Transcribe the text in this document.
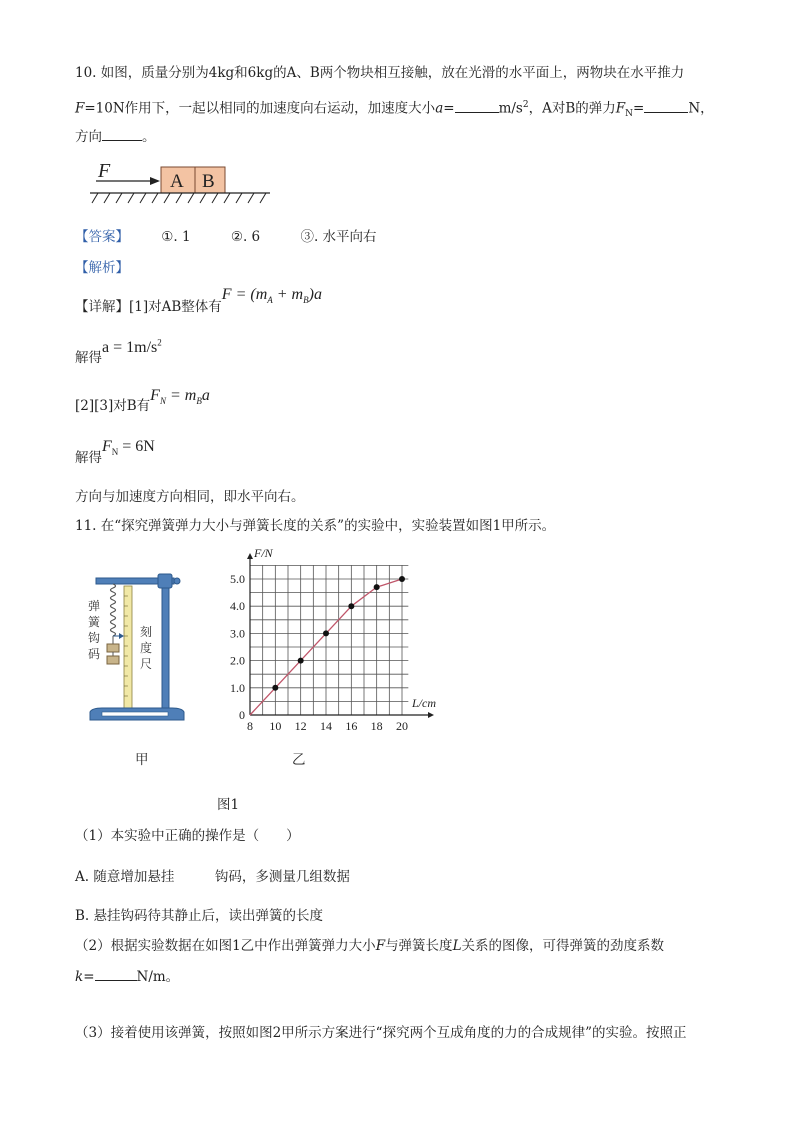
10. 如图，质量分别为4kg和6kg的A、B两个物块相互接触，放在光滑的水平面上，两物块在水平推力
F=10N作用下，一起以相同的加速度向右运动，加速度大小a=	$m/s^2$，A对B的弹力$F_N=$	N，
方向	。
F	A B
【答案】 ①. 1	②. 6	③. 水平向右
【解析】
【详解】[1]对AB整体有$F = (m_A + m_B)a$
解得$a = 1m/s^2$
[2][3]对B有$F_N = m_Ba$
解得$F_N = 6N$
方向与加速度方向相同，即水平向右。
11. 在“探究弹簧弹力大小与弹簧长度的关系”的实验中，实验装置如图1甲所示。
弹
簧
钩
码
刻
度
尺
甲
8 10 12 14 16 18 20
0
1.0
2.0
3.0
4.0
5.0
F/N
L/cm
乙
图1
（1）本实验中正确的操作是（　　）
A. 随意增加悬挂　　　钩码，多测量几组数据
B. 悬挂钩码待其静止后，读出弹簧的长度
（2）根据实验数据在如图1乙中作出弹簧弹力大小F与弹簧长度L关系的图像，可得弹簧的劲度系数
k=	N/m。
（3）接着使用该弹簧，按照如图2甲所示方案进行“探究两个互成角度的力的合成规律”的实验。按照正
